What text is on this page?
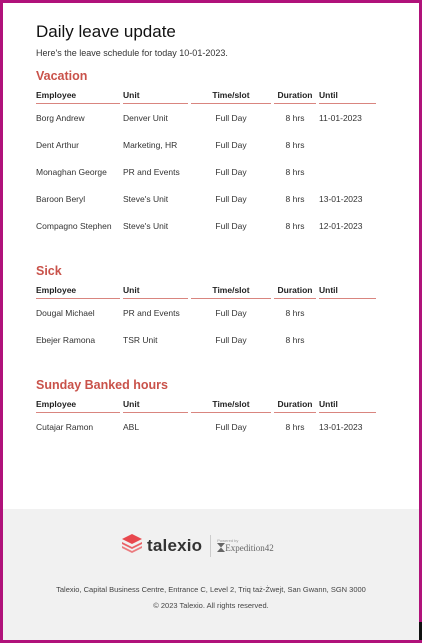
Daily leave update

Here's the leave schedule for today 10-01-2023.

Vacation
Employee		Unit		Time/slot		Duration		Until
Borg Andrew		Denver Unit		Full Day		8 hrs		11-01-2023
Dent Arthur		Marketing, HR		Full Day		8 hrs		
Monaghan George		PR and Events		Full Day		8 hrs		
Baroon Beryl		Steve's Unit		Full Day		8 hrs		13-01-2023
Compagno Stephen		Steve's Unit		Full Day		8 hrs		12-01-2023
Sick
Employee		Unit		Time/slot		Duration		Until
Dougal Michael		PR and Events		Full Day		8 hrs		
Ebejer Ramona		TSR Unit		Full Day		8 hrs		
Sunday Banked hours
Employee		Unit		Time/slot		Duration		Until
Cutajar Ramon		ABL		Full Day		8 hrs		13-01-2023
talexio	Powered by
Expedition42
Talexio, Capital Business Centre, Entrance C, Level 2, Triq taż-Żwejt, San Gwann, SGN 3000
© 2023 Talexio. All rights reserved.
